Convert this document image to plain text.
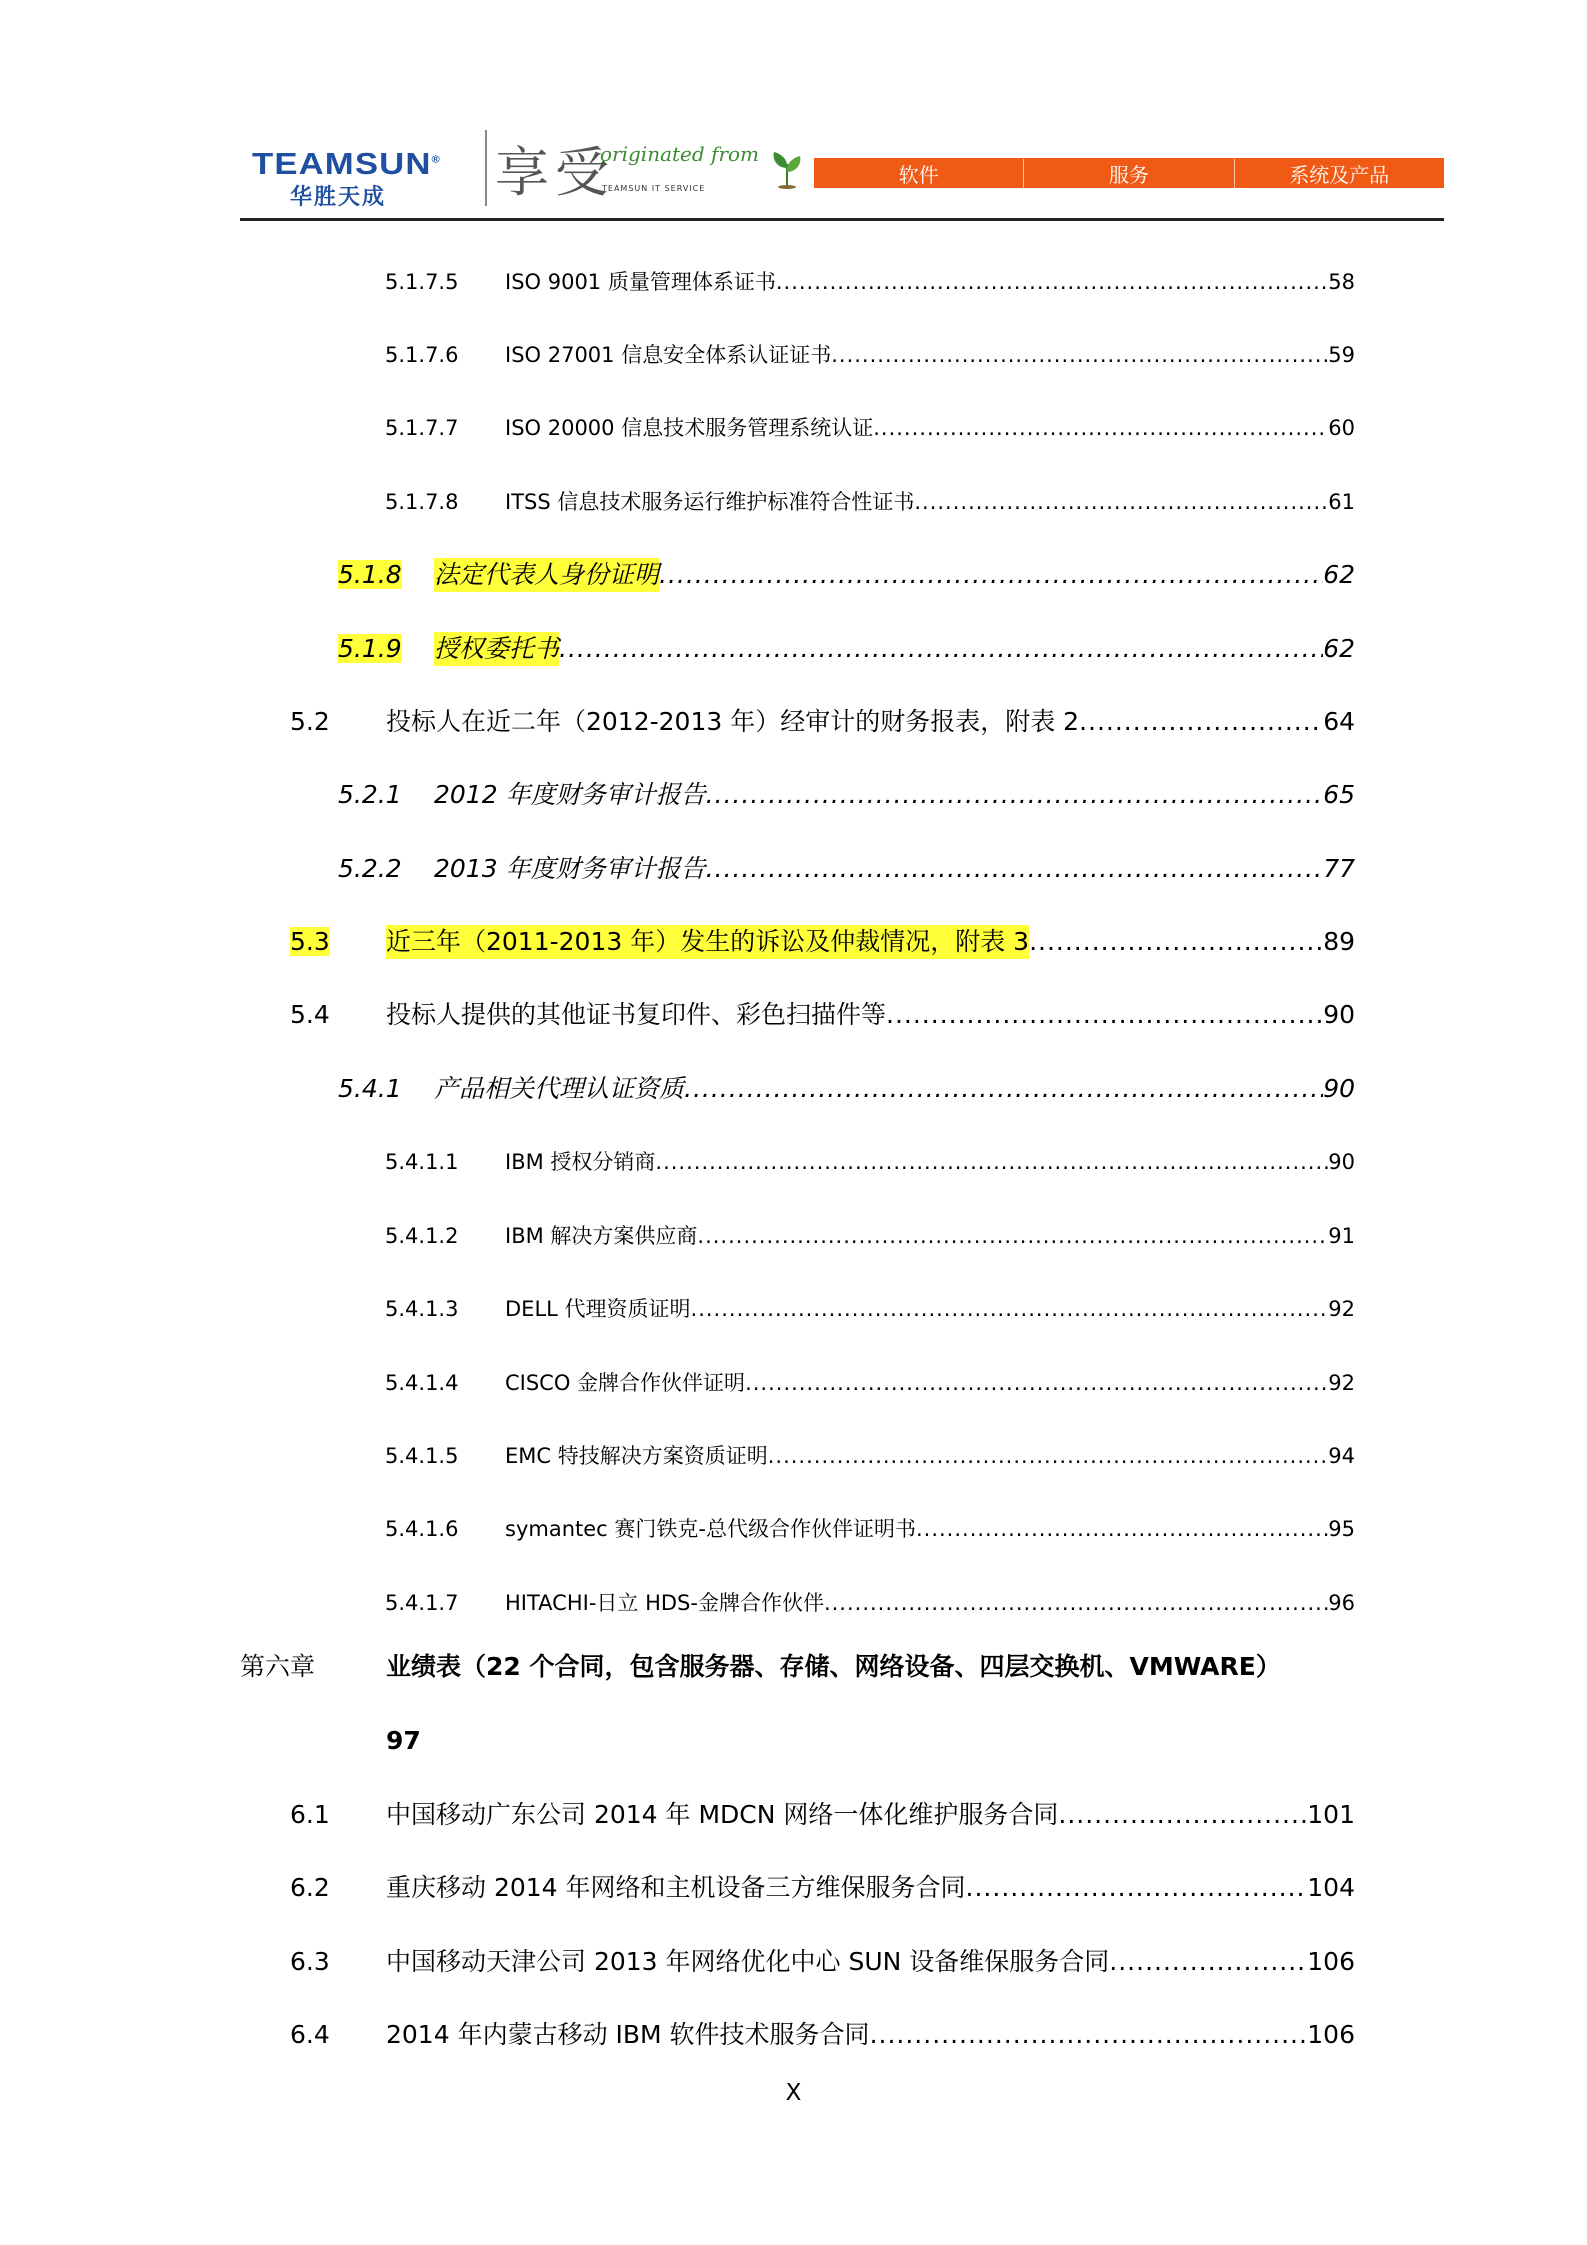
TEAMSUN®
华胜天成 享受
originated from
TEAMSUN IT SERVICE
软件	服务	系统及产品
5.1.7.5	ISO 9001 质量管理体系证书 .....	58
5.1.7.6	ISO 27001 信息安全体系认证证书 .....	59
5.1.7.7	ISO 20000 信息技术服务管理系统认证 .....	60
5.1.7.8	ITSS 信息技术服务运行维护标准符合性证书 .....	61
5.1.8	法定代表人身份证明 .....	62
5.1.9	授权委托书 .....	62
5.2	投标人在近二年（2012-2013 年）经审计的财务报表，附表 2 .....	64
5.2.1	2012 年度财务审计报告 .....	65
5.2.2	2013 年度财务审计报告 .....	77
5.3	近三年（2011-2013 年）发生的诉讼及仲裁情况，附表 3 .....	89
5.4	投标人提供的其他证书复印件、彩色扫描件等 .....	90
5.4.1	产品相关代理认证资质 .....	90
5.4.1.1	IBM 授权分销商 .....	90
5.4.1.2	IBM 解决方案供应商 .....	91
5.4.1.3	DELL 代理资质证明 .....	92
5.4.1.4	CISCO 金牌合作伙伴证明 .....	92
5.4.1.5	EMC 特技解决方案资质证明 .....	94
5.4.1.6	symantec 赛门铁克-总代级合作伙伴证明书 .....	95
5.4.1.7	HITACHI-日立 HDS-金牌合作伙伴 .....	96
第六章	业绩表（22 个合同，包含服务器、存储、网络设备、四层交换机、VMWARE）
97
6.1	中国移动广东公司 2014 年 MDCN 网络一体化维护服务合同 .....	101
6.2	重庆移动 2014 年网络和主机设备三方维保服务合同 .....	104
6.3	中国移动天津公司 2013 年网络优化中心 SUN 设备维保服务合同 .....	106
6.4	2014 年内蒙古移动 IBM 软件技术服务合同 .....	106
X
